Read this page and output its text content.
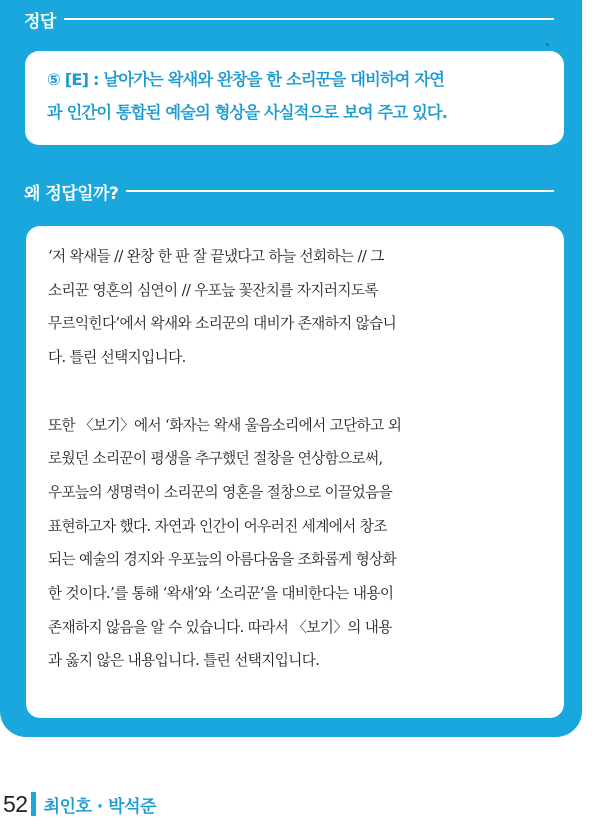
정답
⑤ [E] : 날아가는 왁새와 완창을 한 소리꾼을 대비하여 자연
과 인간이 통합된 예술의 형상을 사실적으로 보여 주고 있다.
왜 정답일까?
‘저 왁새들 // 완창 한 판 잘 끝냈다고 하늘 선회하는 // 그
소리꾼 영혼의 심연이 // 우포늪 꽃잔치를 자지러지도록
무르익힌다’에서 왁새와 소리꾼의 대비가 존재하지 않습니
다. 틀린 선택지입니다.
또한 〈보기〉에서 ‘화자는 왁새 울음소리에서 고단하고 외
로웠던 소리꾼이 평생을 추구했던 절창을 연상함으로써,
우포늪의 생명력이 소리꾼의 영혼을 절창으로 이끌었음을
표현하고자 했다. 자연과 인간이 어우러진 세계에서 창조
되는 예술의 경지와 우포늪의 아름다움을 조화롭게 형상화
한 것이다.’를 통해 ‘왁새’와 ‘소리꾼’을 대비한다는 내용이
존재하지 않음을 알 수 있습니다. 따라서 〈보기〉의 내용
과 옳지 않은 내용입니다. 틀린 선택지입니다.
52 최인호 · 박석준
